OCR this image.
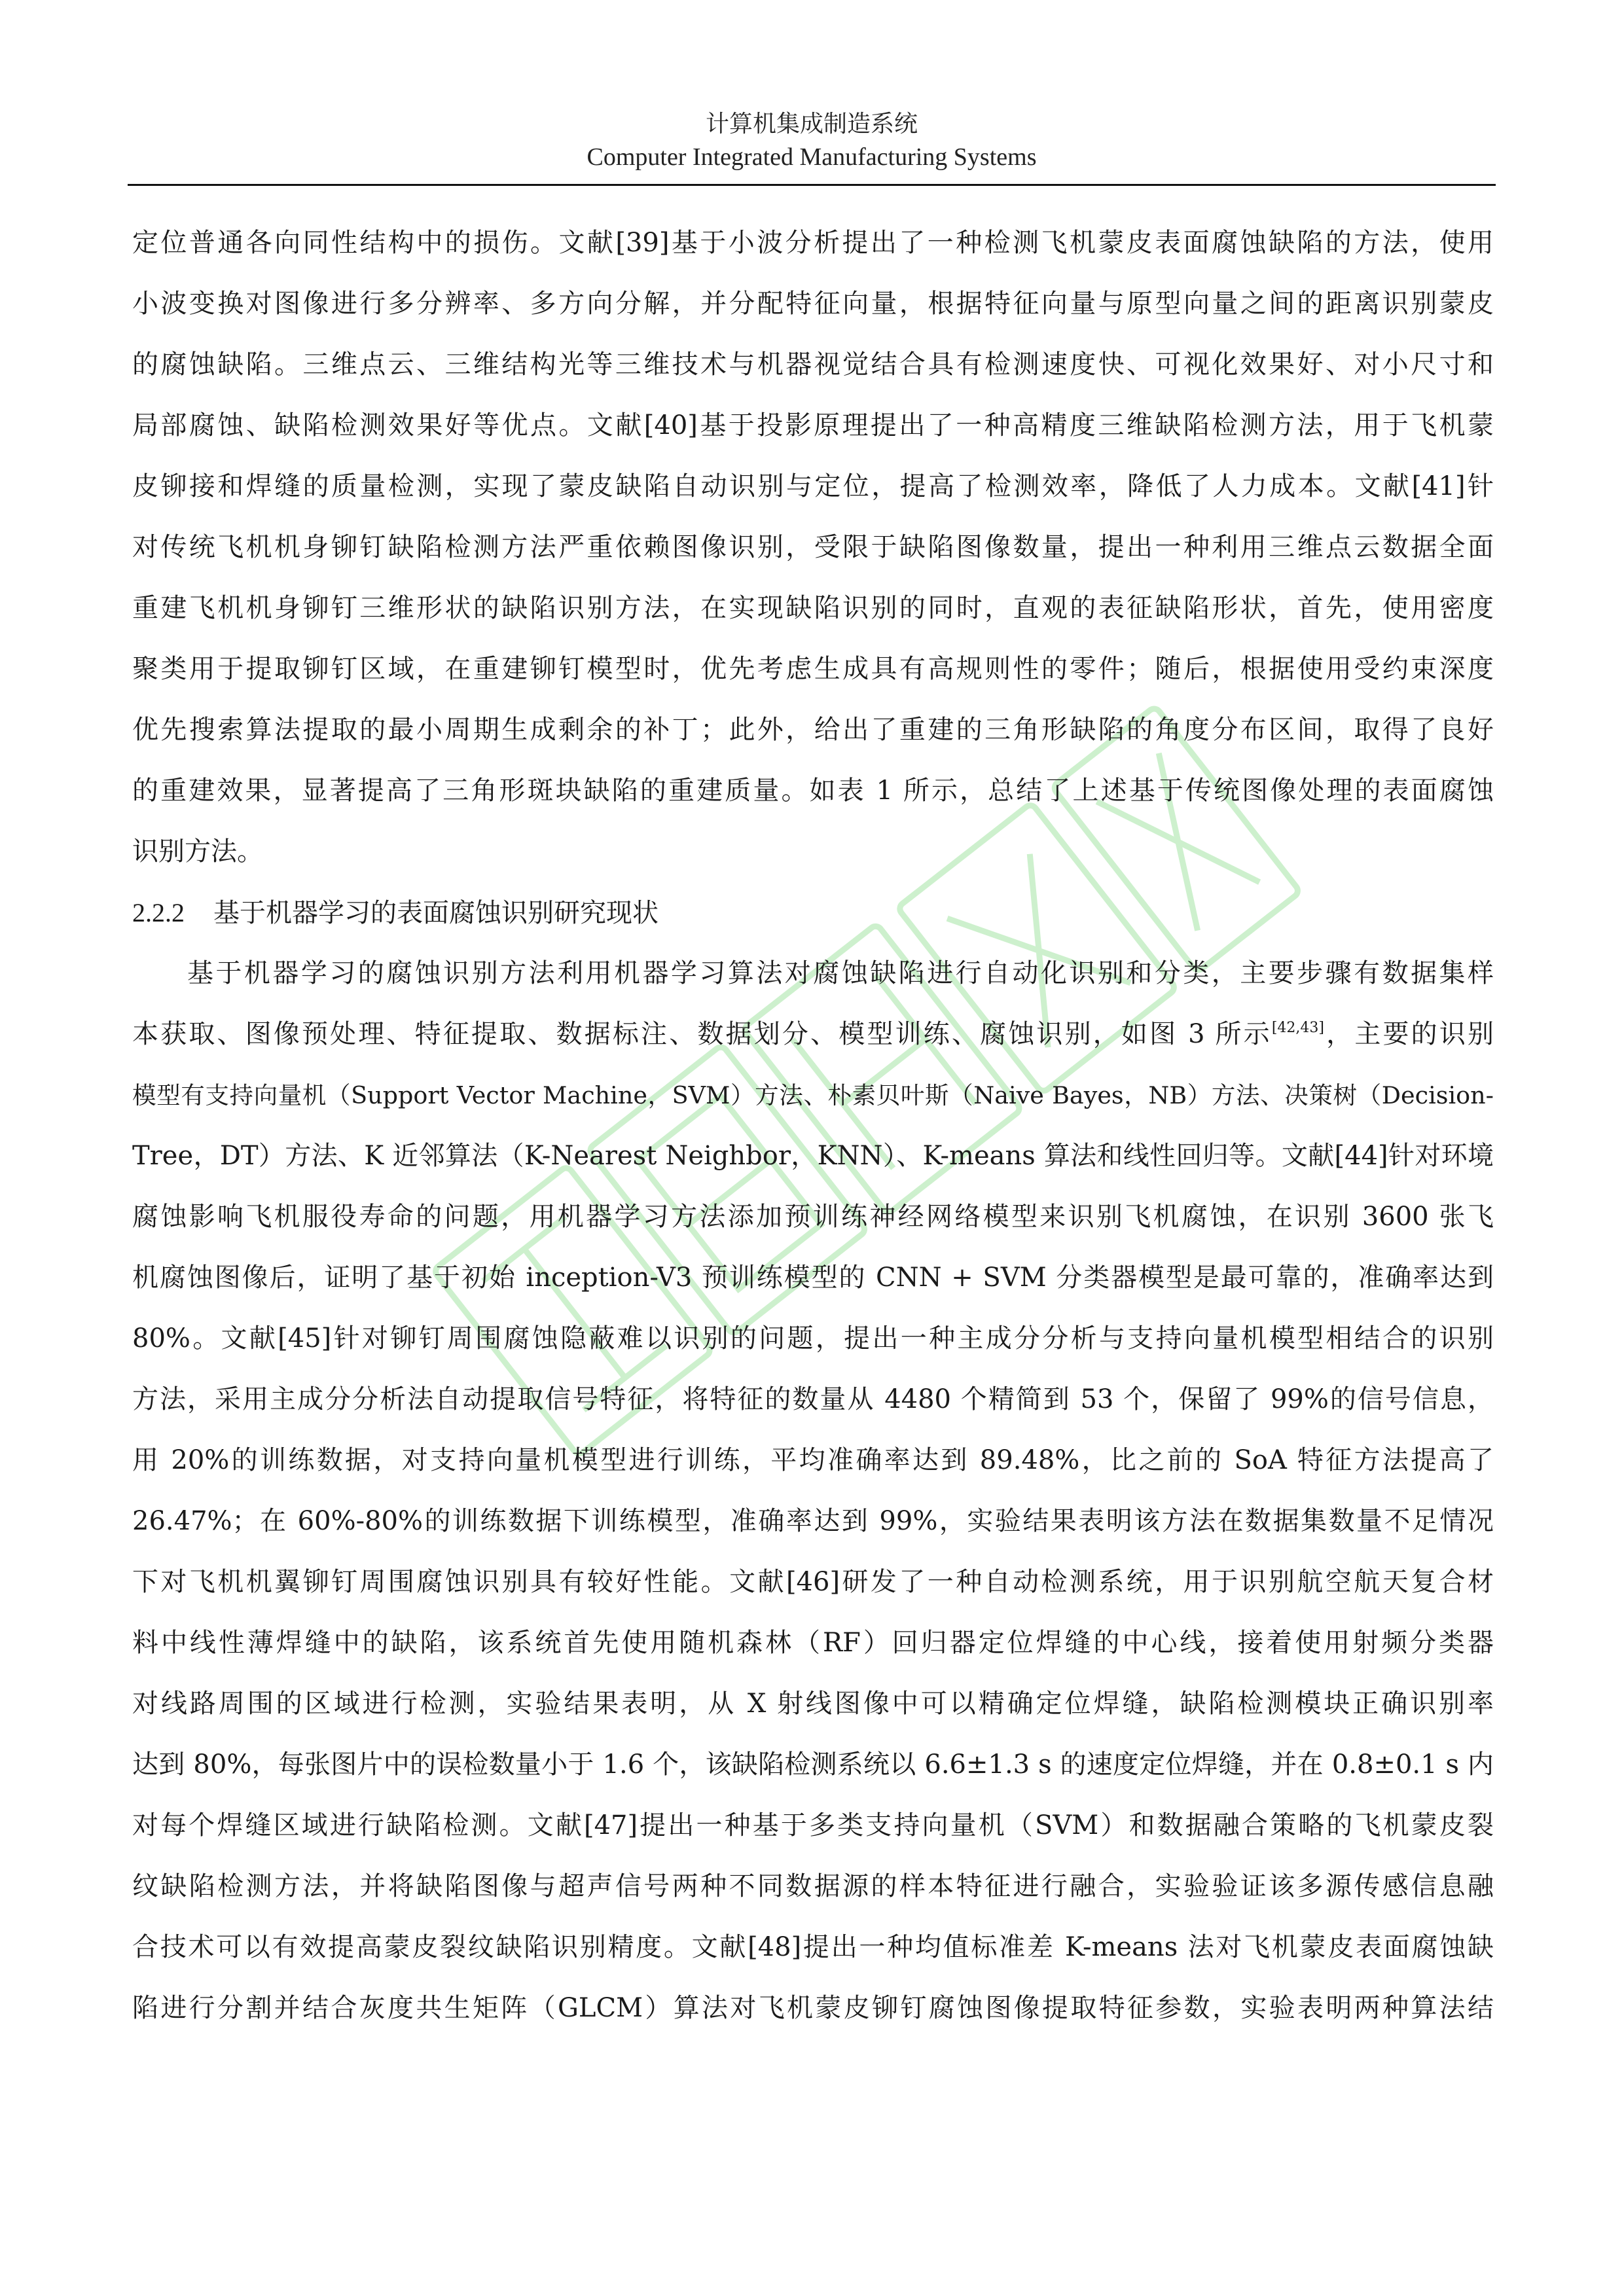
计算机集成制造系统
Computer Integrated Manufacturing Systems
定位普通各向同性结构中的损伤。文献[39]基于小波分析提出了一种检测飞机蒙皮表面腐蚀缺陷的方法，使用
小波变换对图像进行多分辨率、多方向分解，并分配特征向量，根据特征向量与原型向量之间的距离识别蒙皮
的腐蚀缺陷。三维点云、三维结构光等三维技术与机器视觉结合具有检测速度快、可视化效果好、对小尺寸和
局部腐蚀、缺陷检测效果好等优点。文献[40]基于投影原理提出了一种高精度三维缺陷检测方法，用于飞机蒙
皮铆接和焊缝的质量检测，实现了蒙皮缺陷自动识别与定位，提高了检测效率，降低了人力成本。文献[41]针
对传统飞机机身铆钉缺陷检测方法严重依赖图像识别，受限于缺陷图像数量，提出一种利用三维点云数据全面
重建飞机机身铆钉三维形状的缺陷识别方法，在实现缺陷识别的同时，直观的表征缺陷形状，首先，使用密度
聚类用于提取铆钉区域，在重建铆钉模型时，优先考虑生成具有高规则性的零件；随后，根据使用受约束深度
优先搜索算法提取的最小周期生成剩余的补丁；此外，给出了重建的三角形缺陷的角度分布区间，取得了良好
的重建效果，显著提高了三角形斑块缺陷的重建质量。如表 1 所示，总结了上述基于传统图像处理的表面腐蚀
识别方法。
2.2.2 基于机器学习的表面腐蚀识别研究现状
基于机器学习的腐蚀识别方法利用机器学习算法对腐蚀缺陷进行自动化识别和分类，主要步骤有数据集样
本获取、图像预处理、特征提取、数据标注、数据划分、模型训练、腐蚀识别，如图 3 所示[42,43]，主要的识别
模型有支持向量机（Support Vector Machine，SVM）方法、朴素贝叶斯（Naive Bayes，NB）方法、决策树（Decision-
Tree，DT）方法、K 近邻算法（K-Nearest Neighbor，KNN）、K-means 算法和线性回归等。文献[44]针对环境
腐蚀影响飞机服役寿命的问题，用机器学习方法添加预训练神经网络模型来识别飞机腐蚀，在识别 3600 张飞
机腐蚀图像后，证明了基于初始 inception-V3 预训练模型的 CNN + SVM 分类器模型是最可靠的，准确率达到
80%。文献[45]针对铆钉周围腐蚀隐蔽难以识别的问题，提出一种主成分分析与支持向量机模型相结合的识别
方法，采用主成分分析法自动提取信号特征，将特征的数量从 4480 个精简到 53 个，保留了 99%的信号信息，
用 20%的训练数据，对支持向量机模型进行训练，平均准确率达到 89.48%，比之前的 SoA 特征方法提高了
26.47%；在 60%-80%的训练数据下训练模型，准确率达到 99%，实验结果表明该方法在数据集数量不足情况
下对飞机机翼铆钉周围腐蚀识别具有较好性能。文献[46]研发了一种自动检测系统，用于识别航空航天复合材
料中线性薄焊缝中的缺陷，该系统首先使用随机森林（RF）回归器定位焊缝的中心线，接着使用射频分类器
对线路周围的区域进行检测，实验结果表明，从 X 射线图像中可以精确定位焊缝，缺陷检测模块正确识别率
达到 80%，每张图片中的误检数量小于 1.6 个，该缺陷检测系统以 6.6±1.3 s 的速度定位焊缝，并在 0.8±0.1 s 内
对每个焊缝区域进行缺陷检测。文献[47]提出一种基于多类支持向量机（SVM）和数据融合策略的飞机蒙皮裂
纹缺陷检测方法，并将缺陷图像与超声信号两种不同数据源的样本特征进行融合，实验验证该多源传感信息融
合技术可以有效提高蒙皮裂纹缺陷识别精度。文献[48]提出一种均值标准差 K-means 法对飞机蒙皮表面腐蚀缺
陷进行分割并结合灰度共生矩阵（GLCM）算法对飞机蒙皮铆钉腐蚀图像提取特征参数，实验表明两种算法结
